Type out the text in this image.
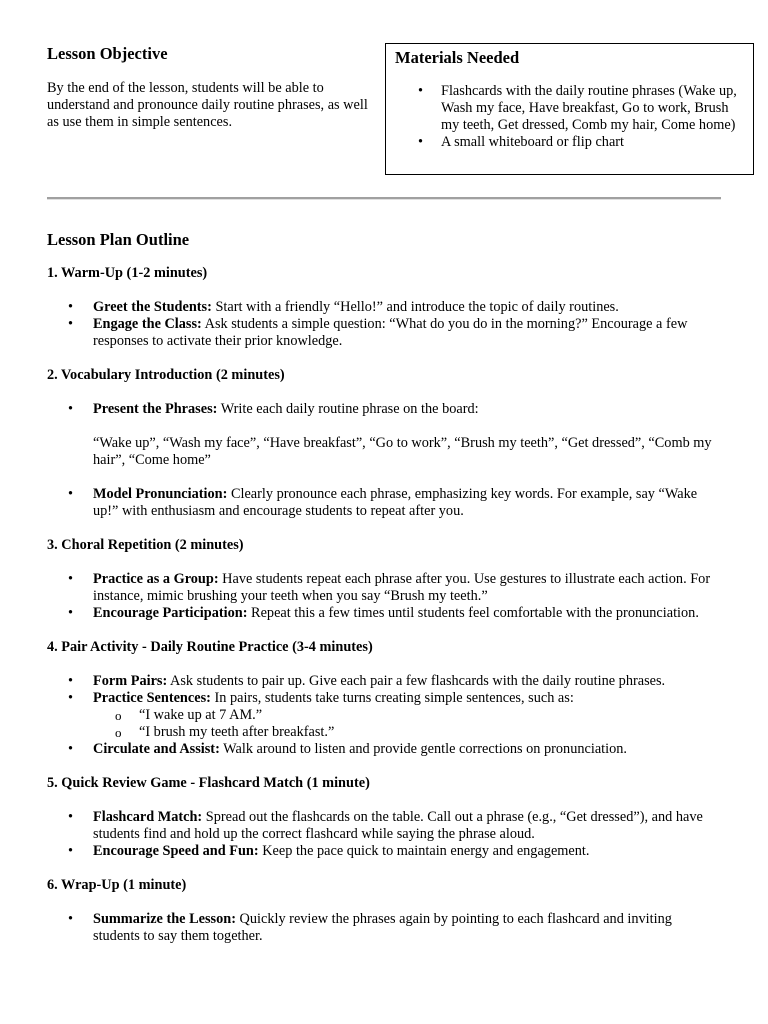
Lesson Objective

By the end of the lesson, students will be able to understand and pronounce daily routine phrases, as well as use them in simple sentences.

Materials Needed
• Flashcards with the daily routine phrases (Wake up, Wash my face, Have breakfast, Go to work, Brush my teeth, Get dressed, Comb my hair, Come home)
• A small whiteboard or flip chart
Lesson Plan Outline
1. Warm-Up (1-2 minutes)
• Greet the Students: Start with a friendly “Hello!” and introduce the topic of daily routines.
• Engage the Class: Ask students a simple question: “What do you do in the morning?” Encourage a few responses to activate their prior knowledge.
2. Vocabulary Introduction (2 minutes)
• Present the Phrases: Write each daily routine phrase on the board:
“Wake up”, “Wash my face”, “Have breakfast”, “Go to work”, “Brush my teeth”, “Get dressed”, “Comb my hair”, “Come home”
• Model Pronunciation: Clearly pronounce each phrase, emphasizing key words. For example, say “Wake up!” with enthusiasm and encourage students to repeat after you.
3. Choral Repetition (2 minutes)
• Practice as a Group: Have students repeat each phrase after you. Use gestures to illustrate each action. For instance, mimic brushing your teeth when you say “Brush my teeth.”
• Encourage Participation: Repeat this a few times until students feel comfortable with the pronunciation.
4. Pair Activity - Daily Routine Practice (3-4 minutes)
• Form Pairs: Ask students to pair up. Give each pair a few flashcards with the daily routine phrases.
• Practice Sentences: In pairs, students take turns creating simple sentences, such as:
o “I wake up at 7 AM.”
o “I brush my teeth after breakfast.”
• Circulate and Assist: Walk around to listen and provide gentle corrections on pronunciation.
5. Quick Review Game - Flashcard Match (1 minute)
• Flashcard Match: Spread out the flashcards on the table. Call out a phrase (e.g., “Get dressed”), and have students find and hold up the correct flashcard while saying the phrase aloud.
• Encourage Speed and Fun: Keep the pace quick to maintain energy and engagement.
6. Wrap-Up (1 minute)
• Summarize the Lesson: Quickly review the phrases again by pointing to each flashcard and inviting students to say them together.
